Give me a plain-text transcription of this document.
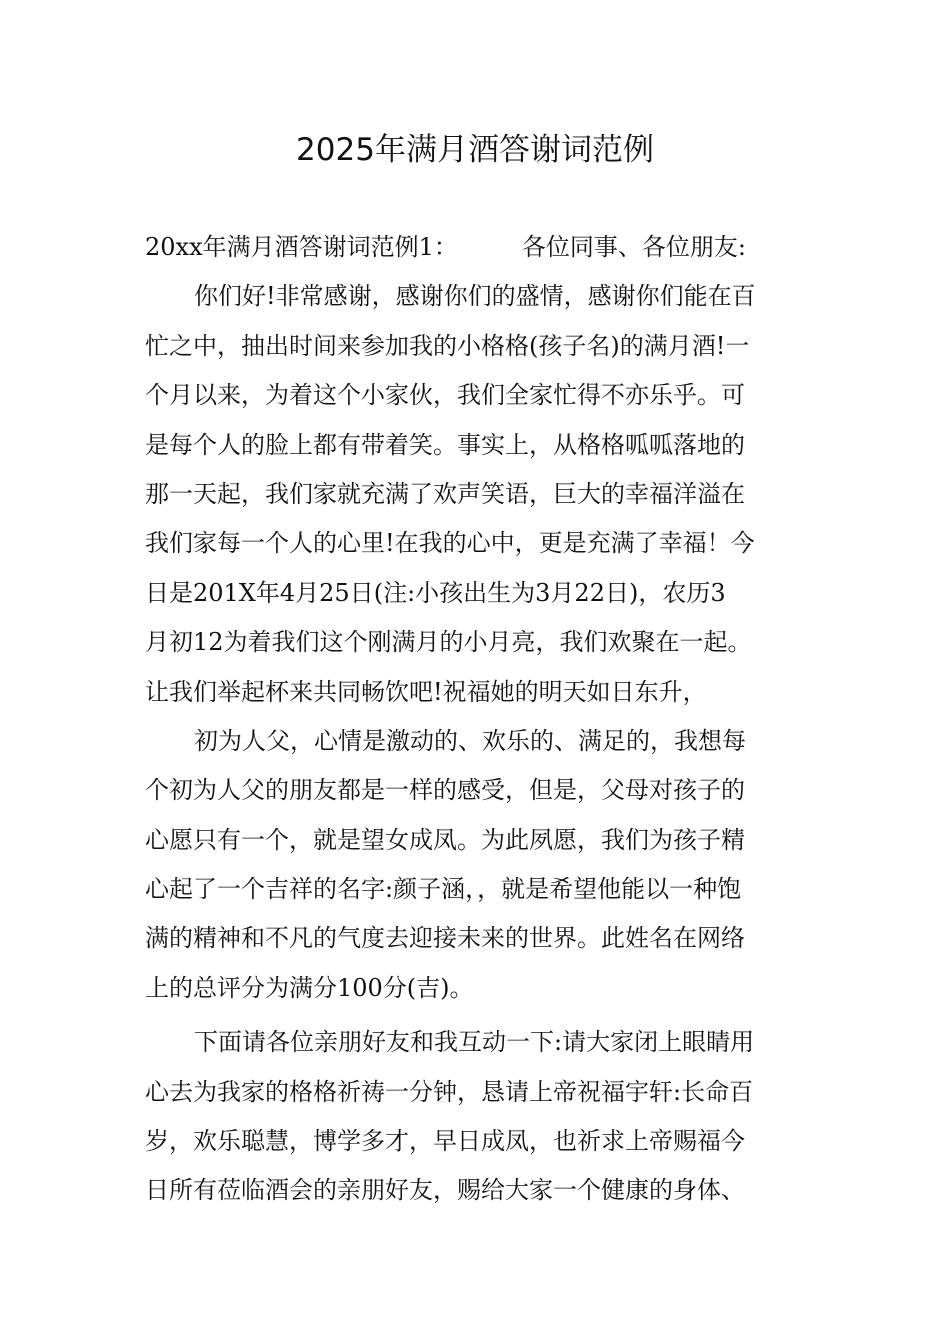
2025年满月酒答谢词范例
20xx年满月酒答谢词范例1：	各位同事、各位朋友:
你们好!非常感谢，感谢你们的盛情，感谢你们能在百
忙之中，抽出时间来参加我的小格格(孩子名)的满月酒!一
个月以来，为着这个小家伙，我们全家忙得不亦乐乎。可
是每个人的脸上都有带着笑。事实上，从格格呱呱落地的
那一天起，我们家就充满了欢声笑语，巨大的幸福洋溢在
我们家每一个人的心里!在我的心中，更是充满了幸福！今
日是201X年4月25日(注:小孩出生为3月22日)，农历3
月初12为着我们这个刚满月的小月亮，我们欢聚在一起。
让我们举起杯来共同畅饮吧!祝福她的明天如日东升，
初为人父，心情是激动的、欢乐的、满足的，我想每
个初为人父的朋友都是一样的感受，但是，父母对孩子的
心愿只有一个，就是望女成凤。为此夙愿，我们为孩子精
心起了一个吉祥的名字:颜子涵，，就是希望他能以一种饱
满的精神和不凡的气度去迎接未来的世界。此姓名在网络
上的总评分为满分100分(吉)。
下面请各位亲朋好友和我互动一下:请大家闭上眼睛用
心去为我家的格格祈祷一分钟，恳请上帝祝福宇轩:长命百
岁，欢乐聪慧，博学多才，早日成凤，也祈求上帝赐福今
日所有莅临酒会的亲朋好友，赐给大家一个健康的身体、
